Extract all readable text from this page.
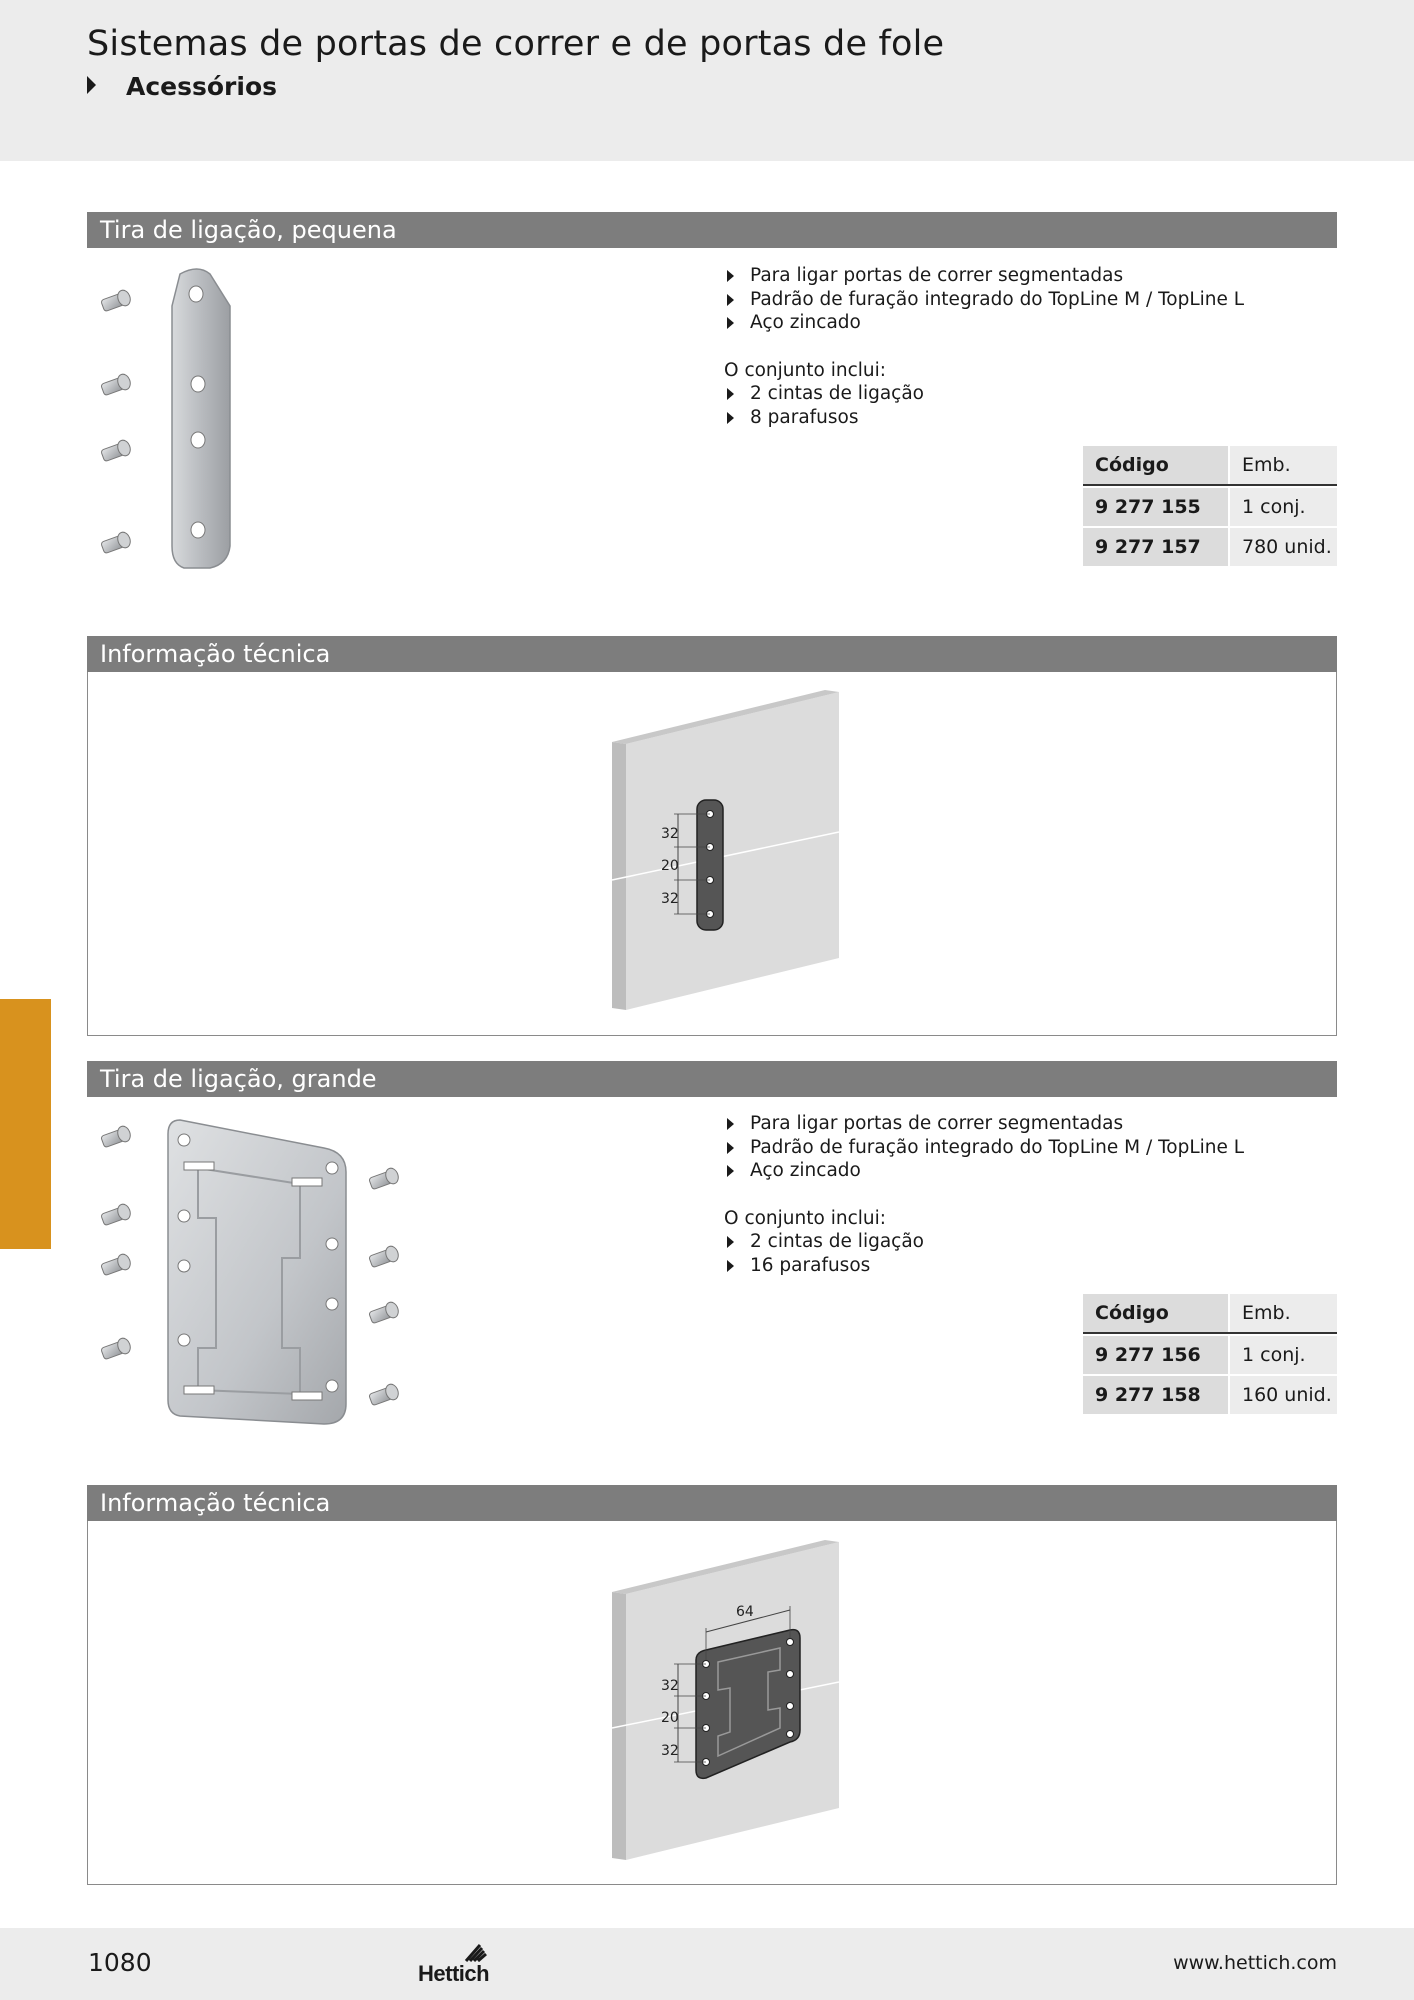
Sistemas de portas de correr e de portas de fole
Acessórios
Tira de ligação, pequena
Para ligar portas de correr segmentadas
Padrão de furação integrado do TopLine M / TopLine L
Aço zincado
O conjunto inclui:
2 cintas de ligação
8 parafusos
Código	Emb.
9 277 155	1 conj.
9 277 157	780 unid.
Informação técnica
32
20
32
Tira de ligação, grande
Para ligar portas de correr segmentadas
Padrão de furação integrado do TopLine M / TopLine L
Aço zincado
O conjunto inclui:
2 cintas de ligação
16 parafusos
Código	Emb.
9 277 156	1 conj.
9 277 158	160 unid.
Informação técnica
64
32
20
32
1080	Hettich	www.hettich.com
